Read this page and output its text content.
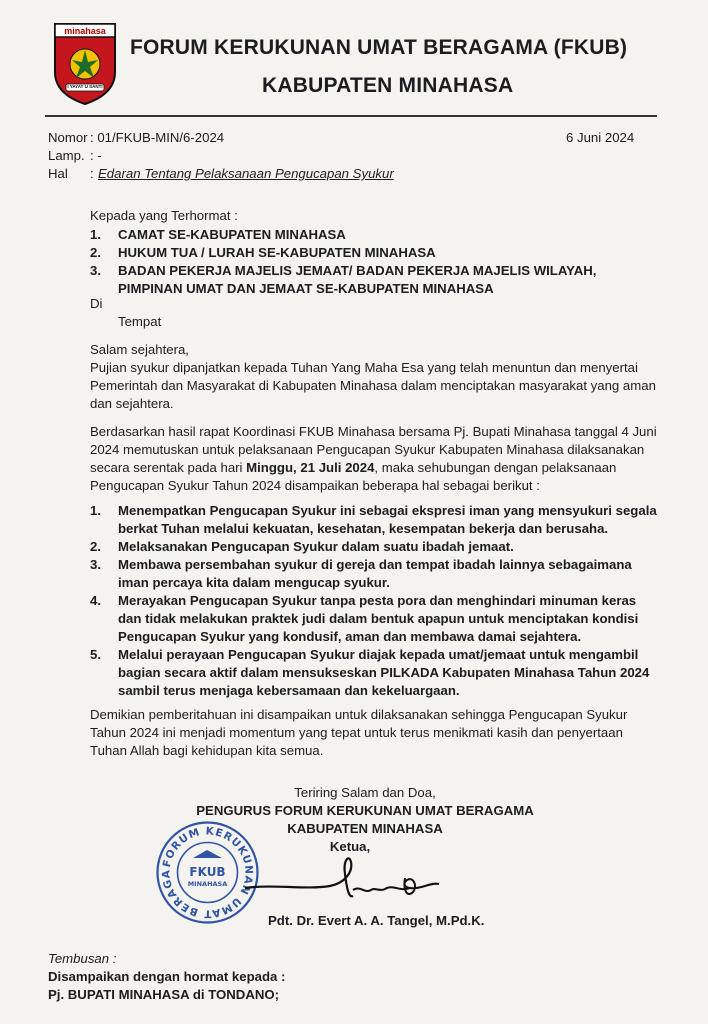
minahasa
I YAYAT U SANTI
FORUM KERUKUNAN UMAT BERAGAMA (FKUB)
KABUPATEN MINAHASA
Nomor : 01/FKUB-MIN/6-2024	6 Juni 2024
Lamp. : -
Hal : Edaran Tentang Pelaksanaan Pengucapan Syukur
Kepada yang Terhormat :
1.	CAMAT SE-KABUPATEN MINAHASA
2.	HUKUM TUA / LURAH SE-KABUPATEN MINAHASA
3.	BADAN PEKERJA MAJELIS JEMAAT/ BADAN PEKERJA MAJELIS WILAYAH,
PIMPINAN UMAT DAN JEMAAT SE-KABUPATEN MINAHASA
Di
Tempat
Salam sejahtera,
Pujian syukur dipanjatkan kepada Tuhan Yang Maha Esa yang telah menuntun dan menyertai
Pemerintah dan Masyarakat di Kabupaten Minahasa dalam menciptakan masyarakat yang aman
dan sejahtera.
Berdasarkan hasil rapat Koordinasi FKUB Minahasa bersama Pj. Bupati Minahasa tanggal 4 Juni
2024 memutuskan untuk pelaksanaan Pengucapan Syukur Kabupaten Minahasa dilaksanakan
secara serentak pada hari Minggu, 21 Juli 2024, maka sehubungan dengan pelaksanaan
Pengucapan Syukur Tahun 2024 disampaikan beberapa hal sebagai berikut :
1.	Menempatkan Pengucapan Syukur ini sebagai ekspresi iman yang mensyukuri segala
berkat Tuhan melalui kekuatan, kesehatan, kesempatan bekerja dan berusaha.
2.	Melaksanakan Pengucapan Syukur dalam suatu ibadah jemaat.
3.	Membawa persembahan syukur di gereja dan tempat ibadah lainnya sebagaimana
iman percaya kita dalam mengucap syukur.
4.	Merayakan Pengucapan Syukur tanpa pesta pora dan menghindari minuman keras
dan tidak melakukan praktek judi dalam bentuk apapun untuk menciptakan kondisi
Pengucapan Syukur yang kondusif, aman dan membawa damai sejahtera.
5.	Melalui perayaan Pengucapan Syukur diajak kepada umat/jemaat untuk mengambil
bagian secara aktif dalam mensukseskan PILKADA Kabupaten Minahasa Tahun 2024
sambil terus menjaga kebersamaan dan kekeluargaan.
Demikian pemberitahuan ini disampaikan untuk dilaksanakan sehingga Pengucapan Syukur
Tahun 2024 ini menjadi momentum yang tepat untuk terus menikmati kasih dan penyertaan
Tuhan Allah bagi kehidupan kita semua.
Teriring Salam dan Doa,
PENGURUS FORUM KERUKUNAN UMAT BERAGAMA
KABUPATEN MINAHASA
Ketua,
FORUM KERUKUNAN UMAT BERAGA	FKUB
MINAHASA
Pdt. Dr. Evert A. A. Tangel, M.Pd.K.
Tembusan :
Disampaikan dengan hormat kepada :
Pj. BUPATI MINAHASA di TONDANO;
